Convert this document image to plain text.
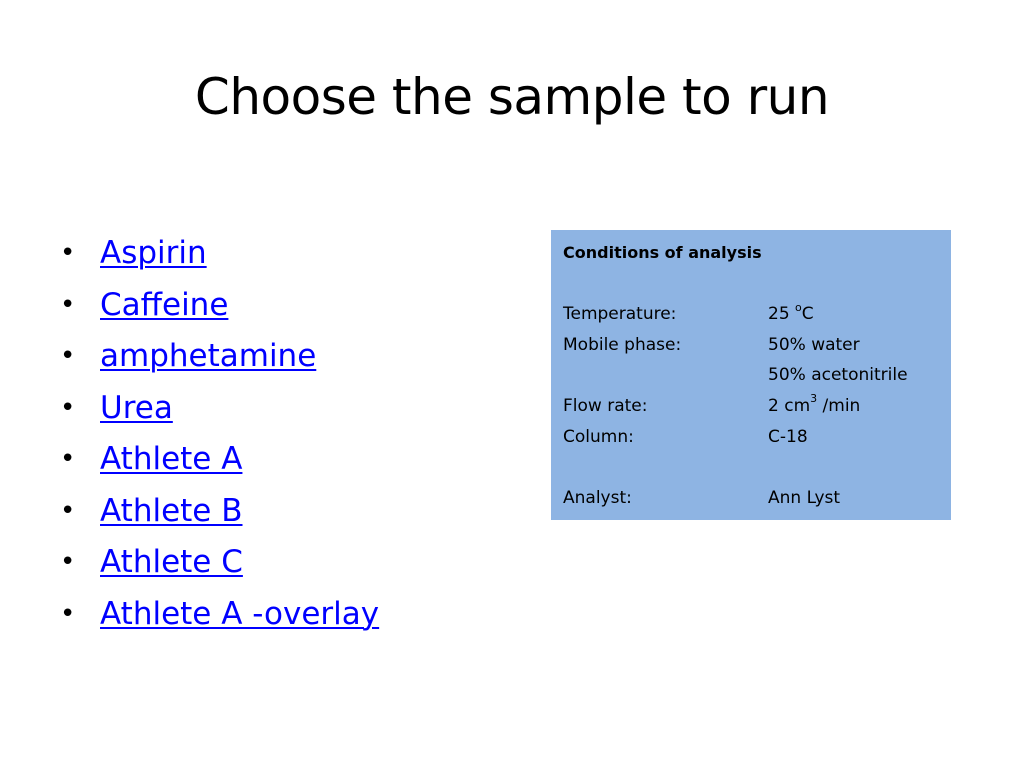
Choose the sample to run
• Aspirin
• Caffeine
• amphetamine
• Urea
• Athlete A
• Athlete B
• Athlete C
• Athlete A -overlay
Conditions of analysis
Temperature:	25 $^o$C
Mobile phase:	50% water
50% acetonitrile
Flow rate:	2 $cm^3$ /min
Column:	C-18
Analyst:	Ann Lyst
